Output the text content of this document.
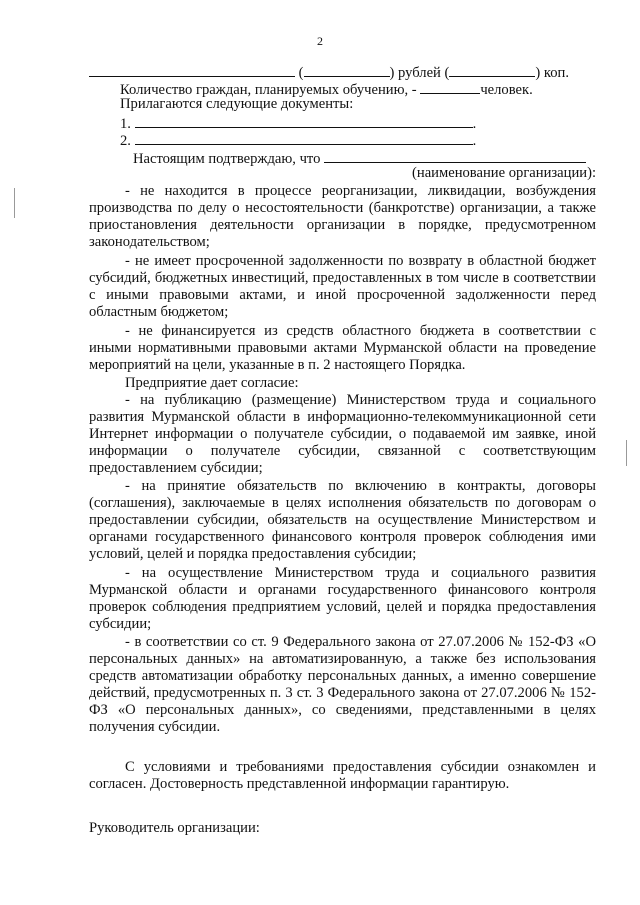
2
(	) рублей (	) коп.
Количество граждан, планируемых обучению, -	человек.
Прилагаются следующие документы:
1.	.
2.	.
Настоящим подтверждаю, что
(наименование организации):
- не находится в процессе реорганизации, ликвидации, возбуждения производства по делу о несостоятельности (банкротстве) организации, а также приостановления деятельности организации в порядке, предусмотренном законодательством;
- не имеет просроченной задолженности по возврату в областной бюджет субсидий, бюджетных инвестиций, предоставленных в том числе в соответствии с иными правовыми актами, и иной просроченной задолженности перед областным бюджетом;
- не финансируется из средств областного бюджета в соответствии с иными нормативными правовыми актами Мурманской области на проведение мероприятий на цели, указанные в п. 2 настоящего Порядка.
Предприятие дает согласие:
- на публикацию (размещение) Министерством труда и социального развития Мурманской области в информационно-телекоммуникационной сети Интернет информации о получателе субсидии, о подаваемой им заявке, иной информации о получателе субсидии, связанной с соответствующим предоставлением субсидии;
- на принятие обязательств по включению в контракты, договоры (соглашения), заключаемые в целях исполнения обязательств по договорам о предоставлении субсидии, обязательств на осуществление Министерством и органами государственного финансового контроля проверок соблюдения ими условий, целей и порядка предоставления субсидии;
- на осуществление Министерством труда и социального развития Мурманской области и органами государственного финансового контроля проверок соблюдения предприятием условий, целей и порядка предоставления субсидии;
- в соответствии со ст. 9 Федерального закона от 27.07.2006 № 152-ФЗ «О персональных данных» на автоматизированную, а также без использования средств автоматизации обработку персональных данных, а именно совершение действий, предусмотренных п. 3 ст. 3 Федерального закона от 27.07.2006 № 152-ФЗ «О персональных данных», со сведениями, представленными в целях получения субсидии.
С условиями и требованиями предоставления субсидии ознакомлен и согласен. Достоверность представленной информации гарантирую.
Руководитель организации:
